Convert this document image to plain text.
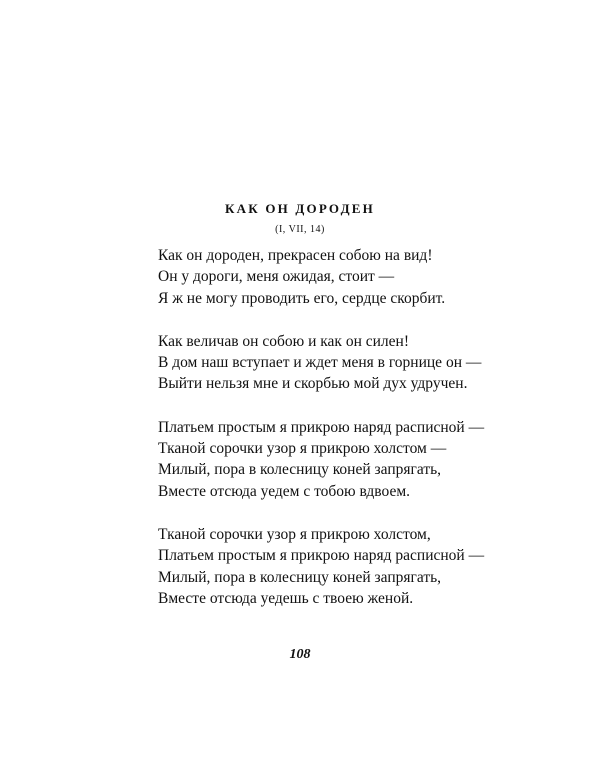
КАК ОН ДОРОДЕН
(I, VII, 14)

Как он дороден, прекрасен собою на вид!
Он у дороги, меня ожидая, стоит —
Я ж не могу проводить его, сердце скорбит.

Как величав он собою и как он силен!
В дом наш вступает и ждет меня в горнице он —
Выйти нельзя мне и скорбью мой дух удручен.

Платьем простым я прикрою наряд расписной —
Тканой сорочки узор я прикрою холстом —
Милый, пора в колесницу коней запрягать,
Вместе отсюда уедем с тобою вдвоем.

Тканой сорочки узор я прикрою холстом,
Платьем простым я прикрою наряд расписной —
Милый, пора в колесницу коней запрягать,
Вместе отсюда уедешь с твоею женой.

108
